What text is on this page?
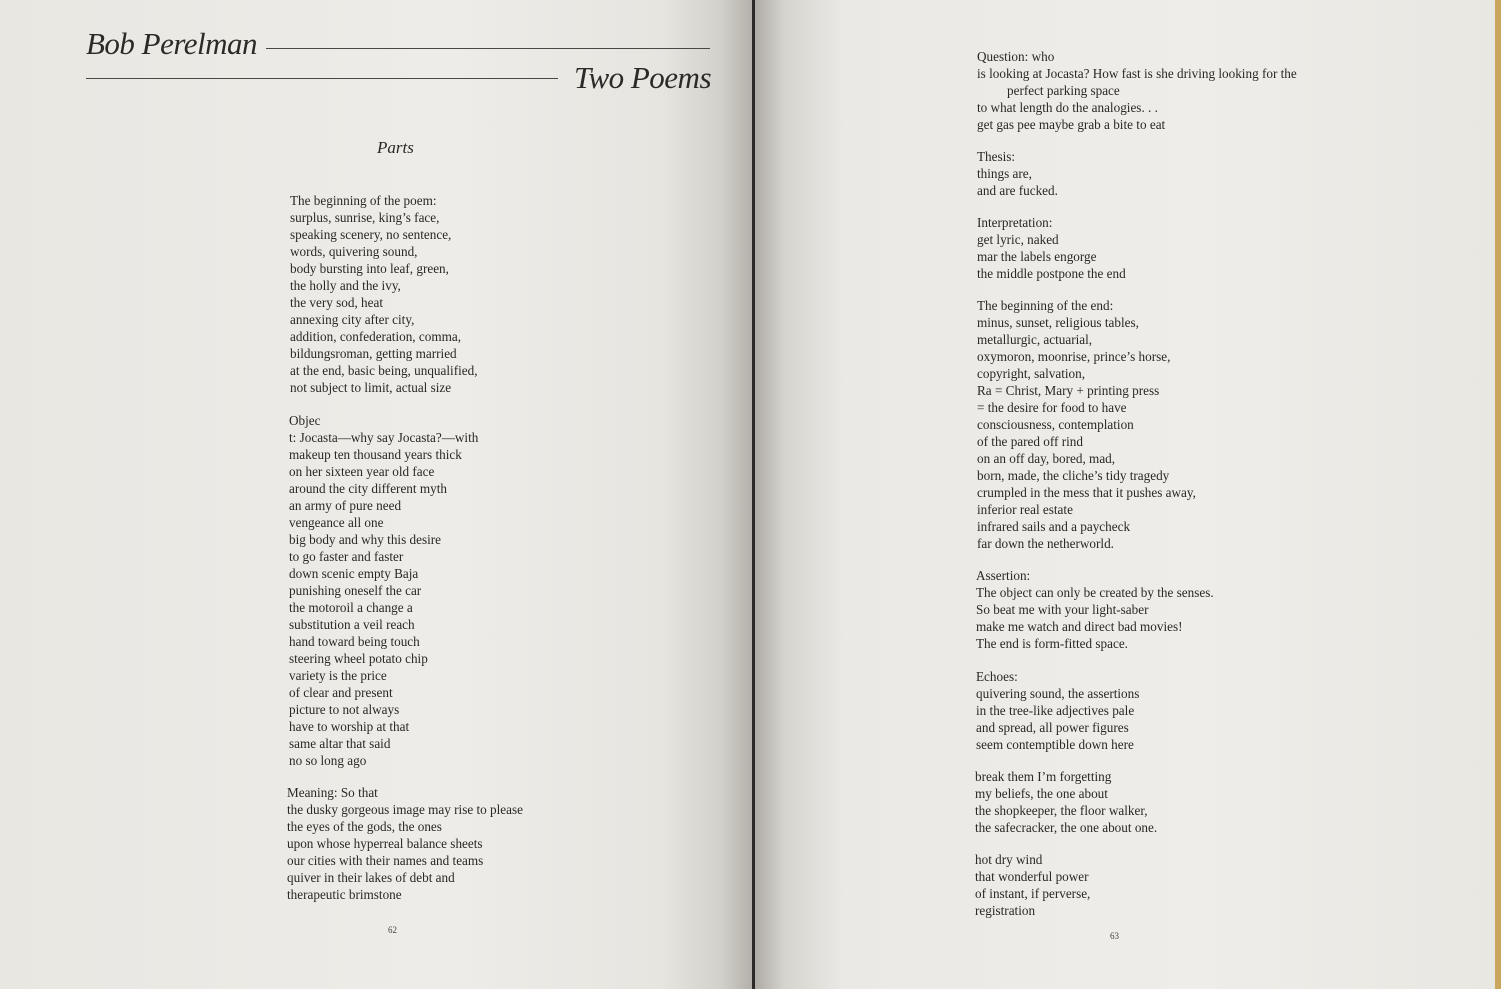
Bob Perelman
Two Poems
Parts
The beginning of the poem:
surplus, sunrise, king’s face,
speaking scenery, no sentence,
words, quivering sound,
body bursting into leaf, green,
the holly and the ivy,
the very sod, heat
annexing city after city,
addition, confederation, comma,
bildungsroman, getting married
at the end, basic being, unqualified,
not subject to limit, actual size
Objec
t: Jocasta—why say Jocasta?—with
makeup ten thousand years thick
on her sixteen year old face
around the city different myth
an army of pure need
vengeance all one
big body and why this desire
to go faster and faster
down scenic empty Baja
punishing oneself the car
the motoroil a change a
substitution a veil reach
hand toward being touch
steering wheel potato chip
variety is the price
of clear and present
picture to not always
have to worship at that
same altar that said
no so long ago
Meaning: So that
the dusky gorgeous image may rise to please
the eyes of the gods, the ones
upon whose hyperreal balance sheets
our cities with their names and teams
quiver in their lakes of debt and
therapeutic brimstone
62
Question: who
is looking at Jocasta? How fast is she driving looking for the
perfect parking space
to what length do the analogies. . .
get gas pee maybe grab a bite to eat
Thesis:
things are,
and are fucked.
Interpretation:
get lyric, naked
mar the labels engorge
the middle postpone the end
The beginning of the end:
minus, sunset, religious tables,
metallurgic, actuarial,
oxymoron, moonrise, prince’s horse,
copyright, salvation,
Ra = Christ, Mary + printing press
= the desire for food to have
consciousness, contemplation
of the pared off rind
on an off day, bored, mad,
born, made, the cliche’s tidy tragedy
crumpled in the mess that it pushes away,
inferior real estate
infrared sails and a paycheck
far down the netherworld.
Assertion:
The object can only be created by the senses.
So beat me with your light-saber
make me watch and direct bad movies!
The end is form-fitted space.
Echoes:
quivering sound, the assertions
in the tree-like adjectives pale
and spread, all power figures
seem contemptible down here
break them I’m forgetting
my beliefs, the one about
the shopkeeper, the floor walker,
the safecracker, the one about one.
hot dry wind
that wonderful power
of instant, if perverse,
registration
63
